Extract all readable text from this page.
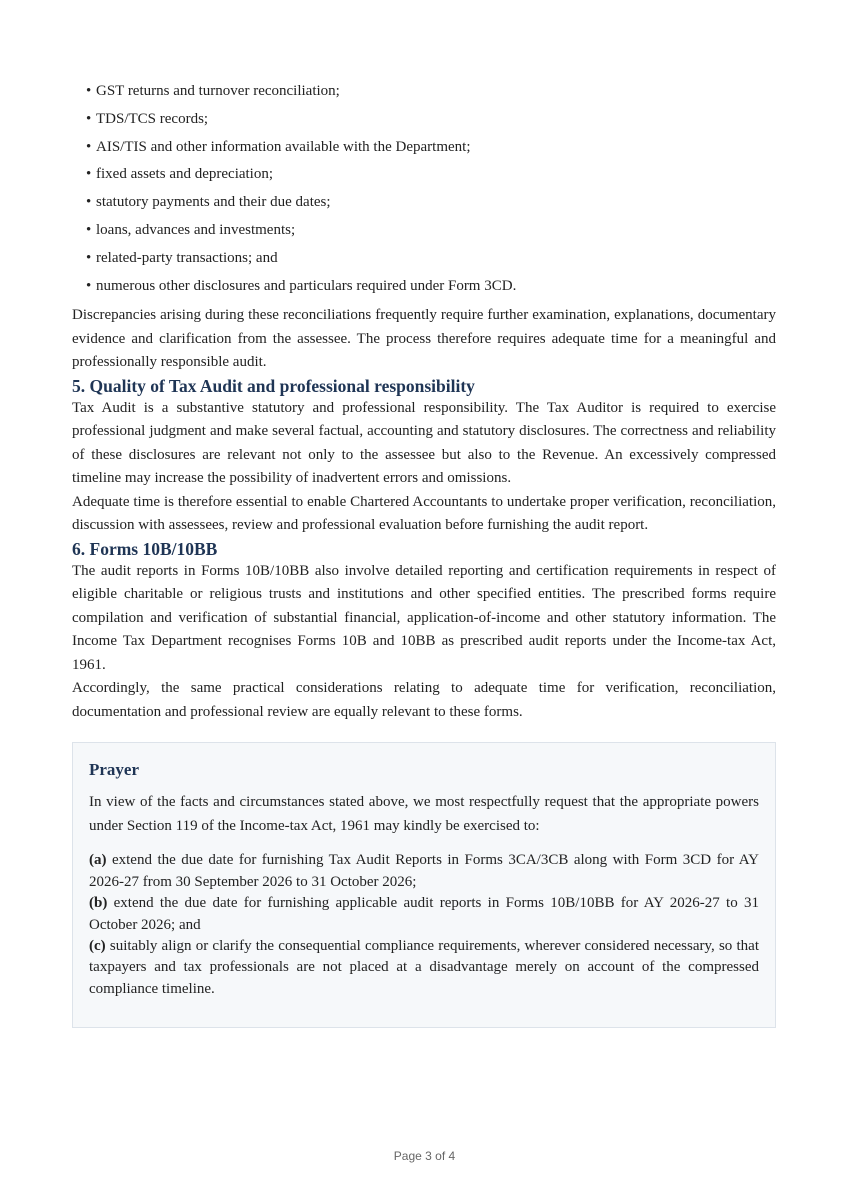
• GST returns and turnover reconciliation;
• TDS/TCS records;
• AIS/TIS and other information available with the Department;
• fixed assets and depreciation;
• statutory payments and their due dates;
• loans, advances and investments;
• related-party transactions; and
• numerous other disclosures and particulars required under Form 3CD.

Discrepancies arising during these reconciliations frequently require further examination, explanations, documentary evidence and clarification from the assessee. The process therefore requires adequate time for a meaningful and professionally responsible audit.

5. Quality of Tax Audit and professional responsibility

Tax Audit is a substantive statutory and professional responsibility. The Tax Auditor is required to exercise professional judgment and make several factual, accounting and statutory disclosures. The correctness and reliability of these disclosures are relevant not only to the assessee but also to the Revenue. An excessively compressed timeline may increase the possibility of inadvertent errors and omissions.

Adequate time is therefore essential to enable Chartered Accountants to undertake proper verification, reconciliation, discussion with assessees, review and professional evaluation before furnishing the audit report.

6. Forms 10B/10BB

The audit reports in Forms 10B/10BB also involve detailed reporting and certification requirements in respect of eligible charitable or religious trusts and institutions and other specified entities. The prescribed forms require compilation and verification of substantial financial, application-of-income and other statutory information. The Income Tax Department recognises Forms 10B and 10BB as prescribed audit reports under the Income-tax Act, 1961.

Accordingly, the same practical considerations relating to adequate time for verification, reconciliation, documentation and professional review are equally relevant to these forms.

Prayer

In view of the facts and circumstances stated above, we most respectfully request that the appropriate powers under Section 119 of the Income-tax Act, 1961 may kindly be exercised to:

(a) extend the due date for furnishing Tax Audit Reports in Forms 3CA/3CB along with Form 3CD for AY 2026-27 from 30 September 2026 to 31 October 2026;
(b) extend the due date for furnishing applicable audit reports in Forms 10B/10BB for AY 2026-27 to 31 October 2026; and
(c) suitably align or clarify the consequential compliance requirements, wherever considered necessary, so that taxpayers and tax professionals are not placed at a disadvantage merely on account of the compressed compliance timeline.
Page 3 of 4
